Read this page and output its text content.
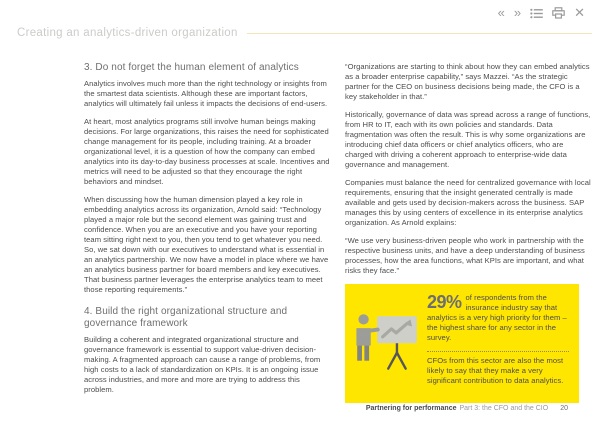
« »	✕
Creating an analytics-driven organization
3. Do not forget the human element of analytics

Analytics involves much more than the right technology or insights from the smartest data scientists. Although these are important factors, analytics will ultimately fail unless it impacts the decisions of end-users.

At heart, most analytics programs still involve human beings making decisions. For large organizations, this raises the need for sophisticated change management for its people, including training. At a broader organizational level, it is a question of how the company can embed analytics into its day-to-day business processes at scale. Incentives and metrics will need to be adjusted so that they encourage the right behaviors and mindset.

When discussing how the human dimension played a key role in embedding analytics across its organization, Arnold said: “Technology played a major role but the second element was gaining trust and confidence. When you are an executive and you have your reporting team sitting right next to you, then you tend to get whatever you need. So, we sat down with our executives to understand what is essential in an analytics partnership. We now have a model in place where we have an analytics business partner for board members and key executives. That business partner leverages the enterprise analytics team to meet those reporting requirements.”

4. Build the right organizational structure and governance framework

Building a coherent and integrated organizational structure and governance framework is essential to support value-driven decision-making. A fragmented approach can cause a range of problems, from high costs to a lack of standardization on KPIs. It is an ongoing issue across industries, and more and more are trying to address this problem.

“Organizations are starting to think about how they can embed analytics as a broader enterprise capability,” says Mazzei. “As the strategic partner for the CEO on business decisions being made, the CFO is a key stakeholder in that.”

Historically, governance of data was spread across a range of functions, from HR to IT, each with its own policies and standards. Data fragmentation was often the result. This is why some organizations are introducing chief data officers or chief analytics officers, who are charged with driving a coherent approach to enterprise-wide data governance and management.

Companies must balance the need for centralized governance with local requirements, ensuring that the insight generated centrally is made available and gets used by decision-makers across the business. SAP manages this by using centers of excellence in its enterprise analytics organization. As Arnold explains:

“We use very business-driven people who work in partnership with the respective business units, and have a deep understanding of business processes, how the area functions, what KPIs are important, and what risks they face.”

29% of respondents from the insurance industry say that analytics is a very high priority for them – the highest share for any sector in the survey.

CFOs from this sector are also the most likely to say that they make a very significant contribution to data analytics.

Partnering for performance Part 3: the CFO and the CIO 20
